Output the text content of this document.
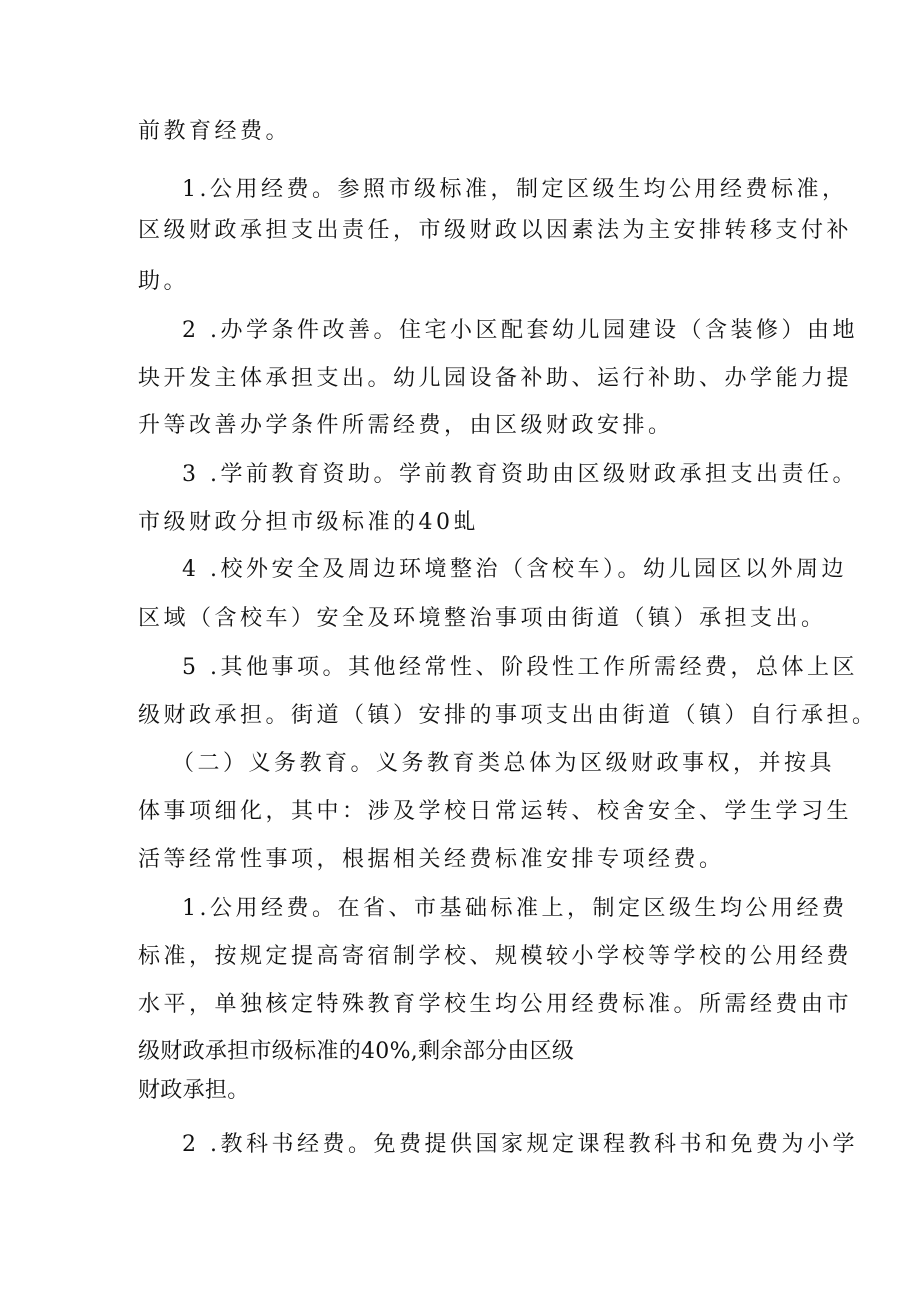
前教育经费。
1.公用经费。参照市级标准，制定区级生均公用经费标准，
区级财政承担支出责任，市级财政以因素法为主安排转移支付补
助。
2 .办学条件改善。住宅小区配套幼儿园建设（含装修）由地
块开发主体承担支出。幼儿园设备补助、运行补助、办学能力提
升等改善办学条件所需经费，由区级财政安排。
3 .学前教育资助。学前教育资助由区级财政承担支出责任。
市级财政分担市级标准的40虬
4 .校外安全及周边环境整治（含校车）。幼儿园区以外周边
区域（含校车）安全及环境整治事项由街道（镇）承担支出。
5 .其他事项。其他经常性、阶段性工作所需经费，总体上区
级财政承担。街道（镇）安排的事项支出由街道（镇）自行承担。
（二）义务教育。义务教育类总体为区级财政事权，并按具
体事项细化，其中：涉及学校日常运转、校舍安全、学生学习生
活等经常性事项，根据相关经费标准安排专项经费。
1.公用经费。在省、市基础标准上，制定区级生均公用经费
标准，按规定提高寄宿制学校、规模较小学校等学校的公用经费
水平，单独核定特殊教育学校生均公用经费标准。所需经费由市
级财政承担市级标准的40%,剩余部分由区级
财政承担。
2 .教科书经费。免费提供国家规定课程教科书和免费为小学
